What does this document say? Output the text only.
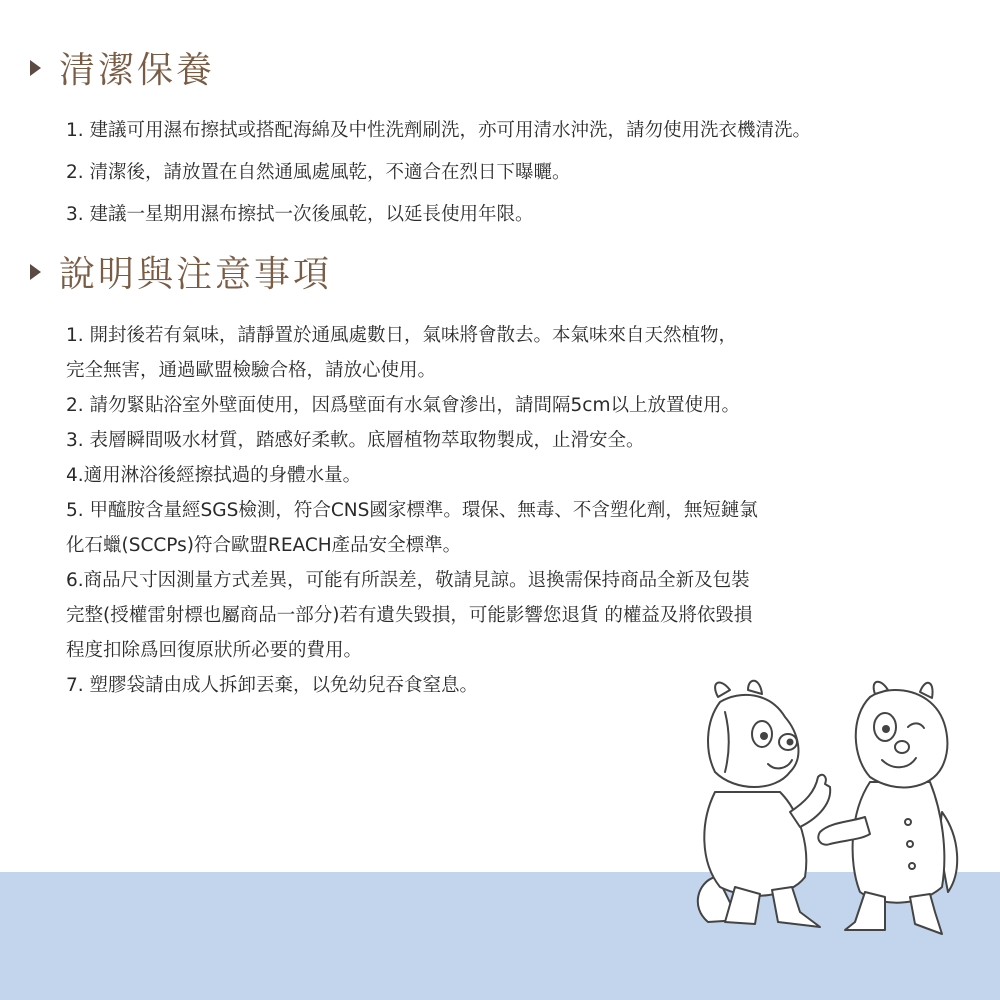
清潔保養
1. 建議可用濕布擦拭或搭配海綿及中性洗劑刷洗，亦可用清水沖洗，請勿使用洗衣機清洗。
2. 清潔後，請放置在自然通風處風乾，不適合在烈日下曝曬。
3. 建議一星期用濕布擦拭一次後風乾，以延長使用年限。
說明與注意事項
1. 開封後若有氣味，請靜置於通風處數日，氣味將會散去。本氣味來自天然植物，
完全無害，通過歐盟檢驗合格，請放心使用。
2. 請勿緊貼浴室外壁面使用，因爲壁面有水氣會滲出，請間隔5cm以上放置使用。
3. 表層瞬間吸水材質，踏感好柔軟。底層植物萃取物製成，止滑安全。
4.適用淋浴後經擦拭過的身體水量。
5. 甲醯胺含量經SGS檢測，符合CNS國家標準。環保、無毒、不含塑化劑，無短鏈氯
化石蠟(SCCPs)符合歐盟REACH產品安全標準。
6.商品尺寸因測量方式差異，可能有所誤差，敬請見諒。退換需保持商品全新及包裝
完整(授權雷射標也屬商品一部分)若有遺失毀損，可能影響您退貨 的權益及將依毀損
程度扣除爲回復原狀所必要的費用。
7. 塑膠袋請由成人拆卸丟棄，以免幼兒吞食窒息。
